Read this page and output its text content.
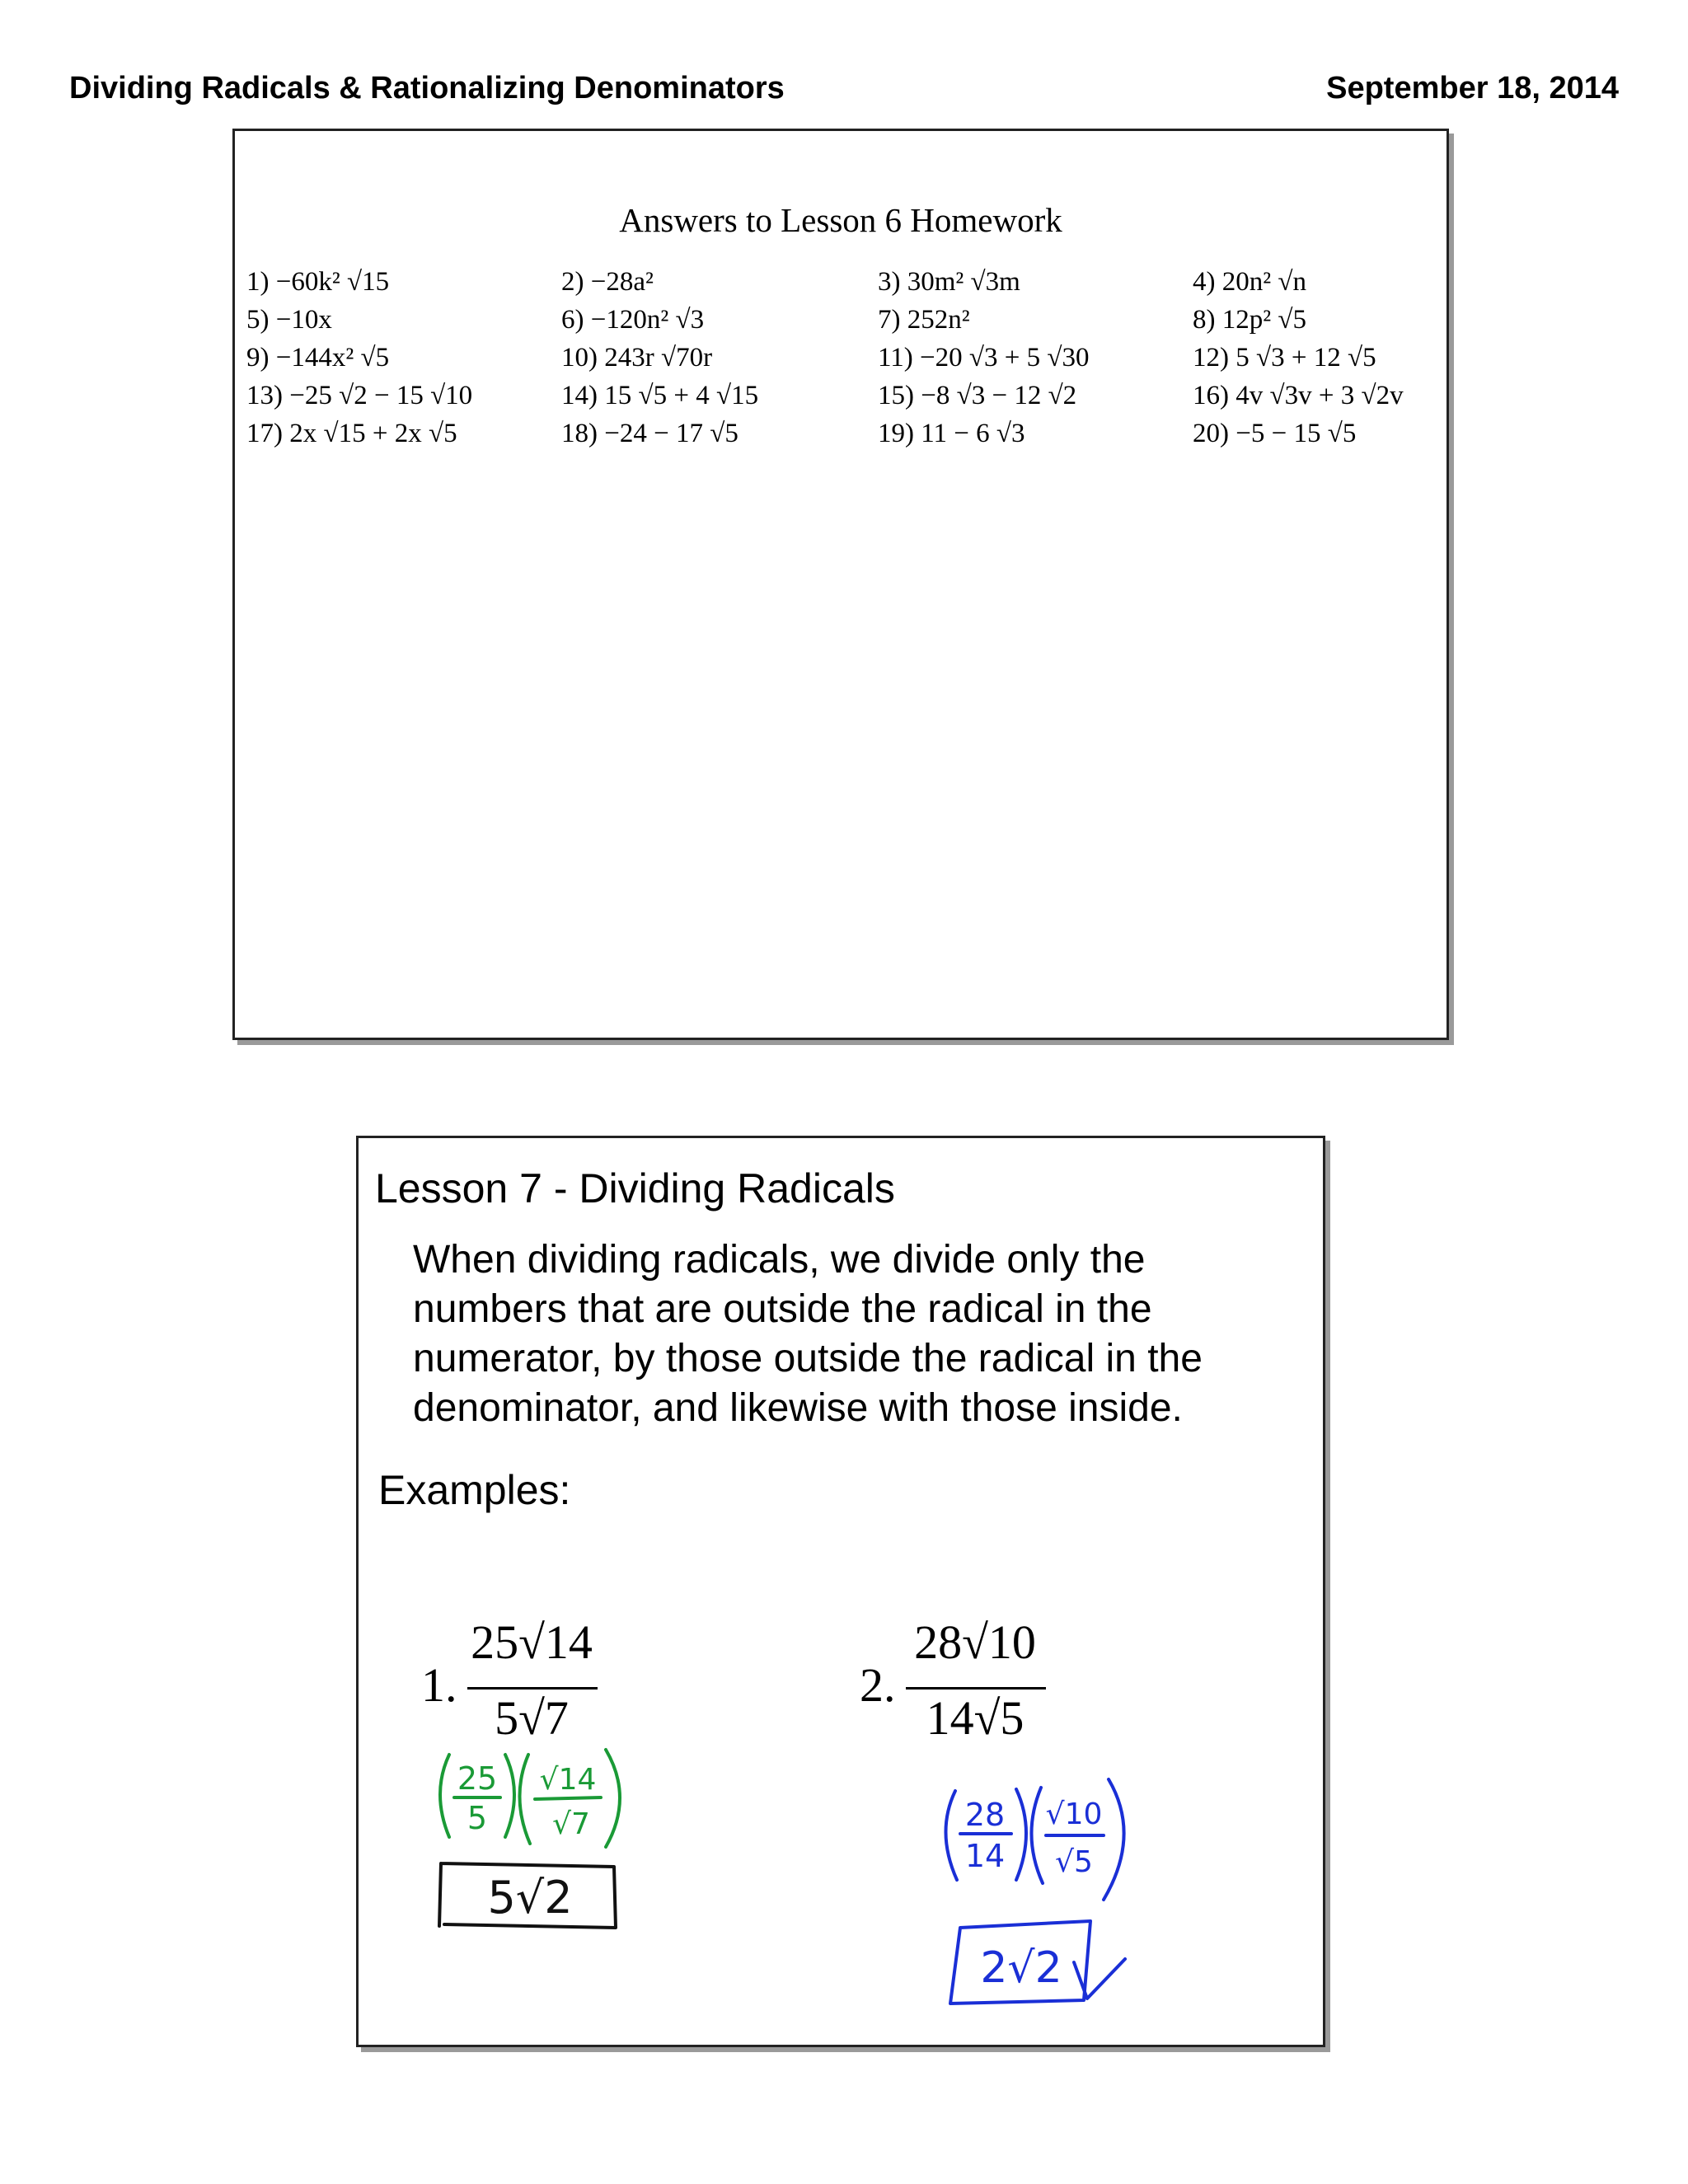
Dividing Radicals & Rationalizing Denominators	September 18, 2014
Answers to Lesson 6 Homework
1) −60k² √15
5) −10x
9) −144x² √5
13) −25 √2 − 15 √10
17) 2x √15 + 2x √5
2) −28a²
6) −120n² √3
10) 243r √70r
14) 15 √5 + 4 √15
18) −24 − 17 √5
3) 30m² √3m
7) 252n²
11) −20 √3 + 5 √30
15) −8 √3 − 12 √2
19) 11 − 6 √3
4) 20n² √n
8) 12p² √5
12) 5 √3 + 12 √5
16) 4v √3v + 3 √2v
20) −5 − 15 √5
Lesson 7 - Dividing Radicals
When dividing radicals, we divide only the numbers that are outside the radical in the numerator, by those outside the radical in the denominator, and likewise with those inside.
Examples:
1.
25√14
5√7
2.
28√10
14√5
25
5
√14
√7
5√2
28
14
√10
√5
2√2
